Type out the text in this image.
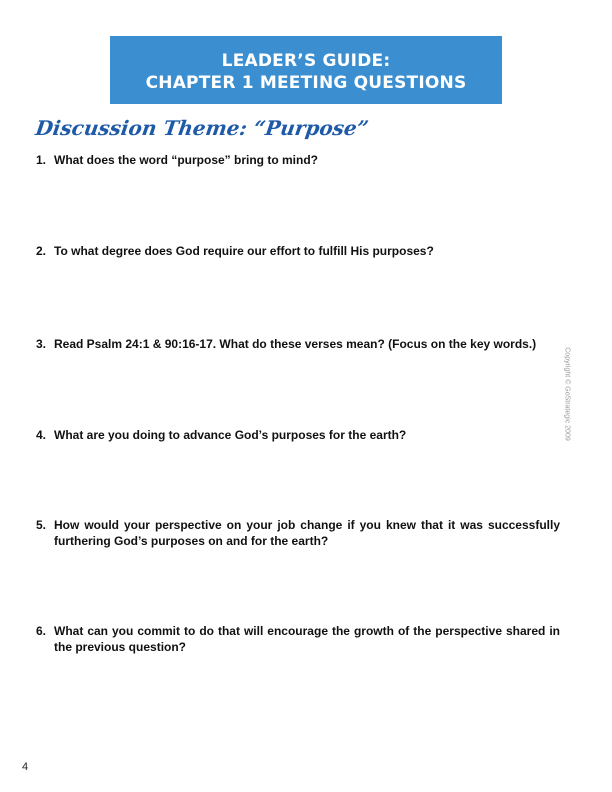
LEADER’S GUIDE:
CHAPTER 1 MEETING QUESTIONS
Discussion Theme: “Purpose”
1. What does the word “purpose” bring to mind?
2. To what degree does God require our effort to fulfill His purposes?
3. Read Psalm 24:1 & 90:16-17. What do these verses mean? (Focus on the key words.)
4. What are you doing to advance God’s purposes for the earth?
5. How would your perspective on your job change if you knew that it was successfully furthering God’s purposes on and for the earth?
6. What can you commit to do that will encourage the growth of the perspective shared in the previous question?
Copyright © GoStrategic 2009
4
